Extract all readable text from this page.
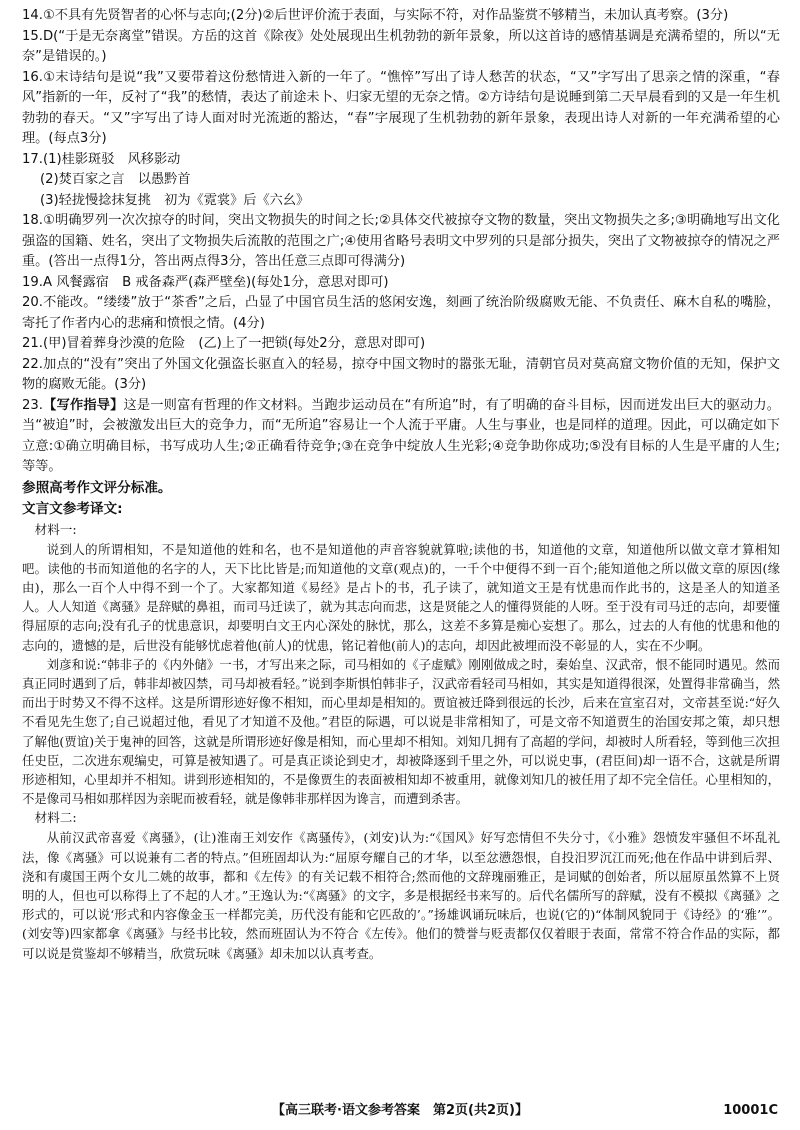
14.①不具有先贤智者的心怀与志向;(2分)②后世评价流于表面，与实际不符，对作品鉴赏不够精当，未加认真考察。(3分)

15.D(“于是无奈离堂”错误。方岳的这首《除夜》处处展现出生机勃勃的新年景象，所以这首诗的感情基调是充满希望的，所以“无奈”是错误的。)

16.①末诗结句是说“我”又要带着这份愁情进入新的一年了。“憔悴”写出了诗人愁苦的状态，“又”字写出了思亲之情的深重，“春风”指新的一年，反衬了“我”的愁情，表达了前途未卜、归家无望的无奈之情。②方诗结句是说睡到第二天早晨看到的又是一年生机勃勃的春天。“又”字写出了诗人面对时光流逝的豁达，“春”字展现了生机勃勃的新年景象，表现出诗人对新的一年充满希望的心理。(每点3分)

17.(1)桂影斑驳　风移影动

(2)焚百家之言　以愚黔首

(3)轻拢慢捻抹复挑　初为《霓裳》后《六幺》

18.①明确罗列一次次掠夺的时间，突出文物损失的时间之长;②具体交代被掠夺文物的数量，突出文物损失之多;③明确地写出文化强盗的国籍、姓名，突出了文物损失后流散的范围之广;④使用省略号表明文中罗列的只是部分损失，突出了文物被掠夺的情况之严重。(答出一点得1分，答出两点得3分，答出任意三点即可得满分)

19.A 风餐露宿　B 戒备森严(森严壁垒)(每处1分，意思对即可)

20.不能改。“缕缕”放于“茶香”之后，凸显了中国官员生活的悠闲安逸，刻画了统治阶级腐败无能、不负责任、麻木自私的嘴脸，寄托了作者内心的悲痛和愤恨之情。(4分)

21.(甲)冒着葬身沙漠的危险　(乙)上了一把锁(每处2分，意思对即可)

22.加点的“没有”突出了外国文化强盗长驱直入的轻易，掠夺中国文物时的嚣张无耻，清朝官员对莫高窟文物价值的无知，保护文物的腐败无能。(3分)

23.【写作指导】这是一则富有哲理的作文材料。当跑步运动员在“有所追”时，有了明确的奋斗目标，因而迸发出巨大的驱动力。当“被追”时，会被激发出巨大的竞争力，而“无所追”容易让一个人流于平庸。人生与事业，也是同样的道理。因此，可以确定如下立意:①确立明确目标，书写成功人生;②正确看待竞争;③在竞争中绽放人生光彩;④竞争助你成功;⑤没有目标的人生是平庸的人生;等等。

参照高考作文评分标准。

文言文参考译文:

材料一:

说到人的所谓相知，不是知道他的姓和名，也不是知道他的声音容貌就算啦;读他的书，知道他的文章，知道他所以做文章才算相知吧。读他的书而知道他的名字的人，天下比比皆是;而知道他的文章(观点)的，一千个中便得不到一百个;能知道他之所以做文章的原因(缘由)，那么一百个人中得不到一个了。大家都知道《易经》是占卜的书，孔子读了，就知道文王是有忧患而作此书的，这是圣人的知道圣人。人人知道《离骚》是辞赋的鼻祖，而司马迁读了，就为其志向而悲，这是贤能之人的懂得贤能的人呀。至于没有司马迁的志向，却要懂得屈原的志向;没有孔子的忧患意识，却要明白文王内心深处的脉忧，那么，这差不多算是痴心妄想了。那么，过去的人有他的忧患和他的志向的，遗憾的是，后世没有能够忧虑着他(前人)的忧患，铭记着他(前人)的志向，却因此被埋而没不彰显的人，实在不少啊。

刘彦和说:“韩非子的《内外储》一书，才写出来之际，司马相如的《子虚赋》刚刚做成之时，秦始皇、汉武帝，恨不能同时遇见。然而真正同时遇到了后，韩非却被囚禁，司马却被看轻。”说到李斯惧怕韩非子，汉武帝看轻司马相如，其实是知道得很深，处置得非常确当，然而出于时势又不得不这样。这是所谓形迹好像不相知，而心里却是相知的。贾谊被迁降到很远的长沙，后来在宣室召对，文帝甚至说:“好久不看见先生您了;自己说超过他，看见了才知道不及他。”君臣的际遇，可以说是非常相知了，可是文帝不知道贾生的治国安邦之策，却只想了解他(贾谊)关于鬼神的回答，这就是所谓形迹好像是相知，而心里却不相知。刘知几拥有了高超的学问，却被时人所看轻，等到他三次担任史臣，二次进东观编史，可算是被知遇了。可是真正谈论到史才，却被降逐到千里之外，可以说史事，(君臣间)却一语不合，这就是所谓形迹相知，心里却并不相知。讲到形迹相知的，不是像贾生的表面被相知却不被重用，就像刘知几的被任用了却不完全信任。心里相知的，不是像司马相如那样因为亲昵而被看轻，就是像韩非那样因为谗言，而遭到杀害。

材料二:

从前汉武帝喜爱《离骚》，(让)淮南王刘安作《离骚传》，(刘安)认为:“《国风》好写恋情但不失分寸，《小雅》怨愤发牢骚但不坏乱礼法，像《离骚》可以说兼有二者的特点。”但班固却认为:“屈原夸耀自己的才华，以至忿懑怨恨，自投汨罗沉江而死;他在作品中讲到后羿、浇和有虞国王两个女儿二姚的故事，都和《左传》的有关记载不相符合;然而他的文辞瑰丽雅正，是词赋的创始者，所以屈原虽然算不上贤明的人，但也可以称得上了不起的人才。”王逸认为:“《离骚》的文字，多是根据经书来写的。后代名儒所写的辞赋，没有不模拟《离骚》之形式的，可以说‘形式和内容像金玉一样都完美，历代没有能和它匹敌的’。”扬雄讽诵玩味后，也说(它的)“体制风貌同于《诗经》的‘雅’”。(刘安等)四家都拿《离骚》与经书比较，然而班固认为不符合《左传》。他们的赞誉与贬责都仅仅着眼于表面，常常不符合作品的实际，都可以说是赏鉴却不够精当，欣赏玩味《离骚》却未加以认真考查。

【高三联考·语文参考答案　第2页(共2页)】	10001C
